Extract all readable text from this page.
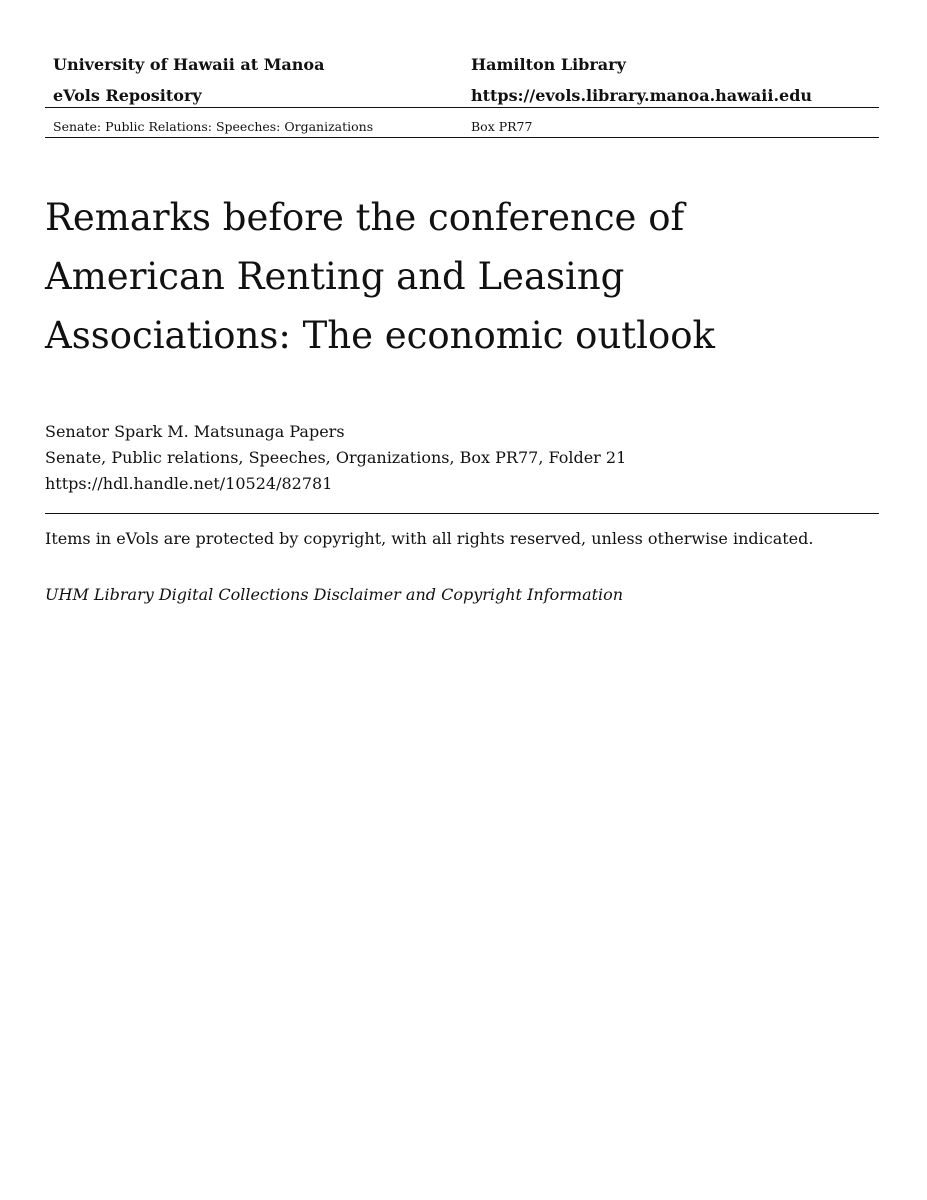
University of Hawaii at Manoa	Hamilton Library
eVols Repository	https://evols.library.manoa.hawaii.edu
Senate: Public Relations: Speeches: Organizations	Box PR77
Remarks before the conference of American Renting and Leasing Associations: The economic outlook
Senator Spark M. Matsunaga Papers
Senate, Public relations, Speeches, Organizations, Box PR77, Folder 21
https://hdl.handle.net/10524/82781
Items in eVols are protected by copyright, with all rights reserved, unless otherwise indicated.
UHM Library Digital Collections Disclaimer and Copyright Information
